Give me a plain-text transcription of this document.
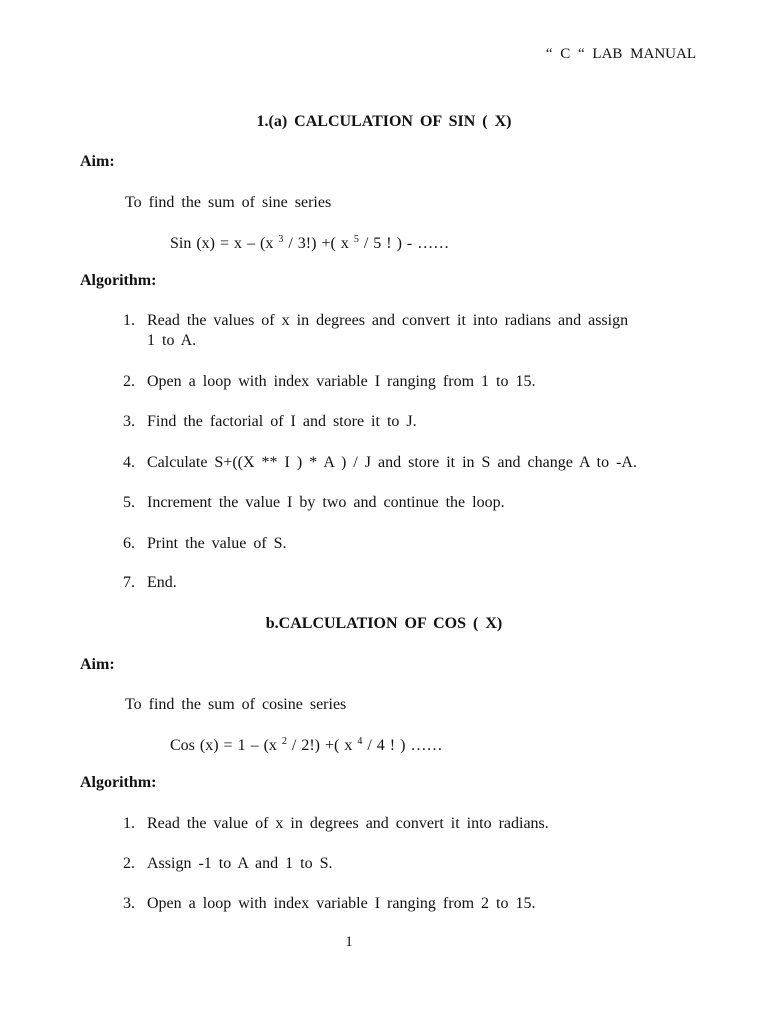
“ C “ LAB MANUAL
1.(a) CALCULATION OF SIN ( X)
Aim:
To find the sum of sine series
Sin (x) = x – (x $^3$ / 3!) +( x $^5$ / 5 ! ) - ……
Algorithm:
1. Read the values of x in degrees and convert it into radians and assign
1 to A.
2. Open a loop with index variable I ranging from 1 to 15.
3. Find the factorial of I and store it to J.
4. Calculate S+((X ** I ) * A ) / J and store it in S and change A to -A.
5. Increment the value I by two and continue the loop.
6. Print the value of S.
7. End.
b.CALCULATION OF COS ( X)
Aim:
To find the sum of cosine series
Cos (x) = 1 – (x $^2$ / 2!) +( x $^4$ / 4 ! ) ……
Algorithm:
1. Read the value of x in degrees and convert it into radians.
2. Assign -1 to A and 1 to S.
3. Open a loop with index variable I ranging from 2 to 15.
1
